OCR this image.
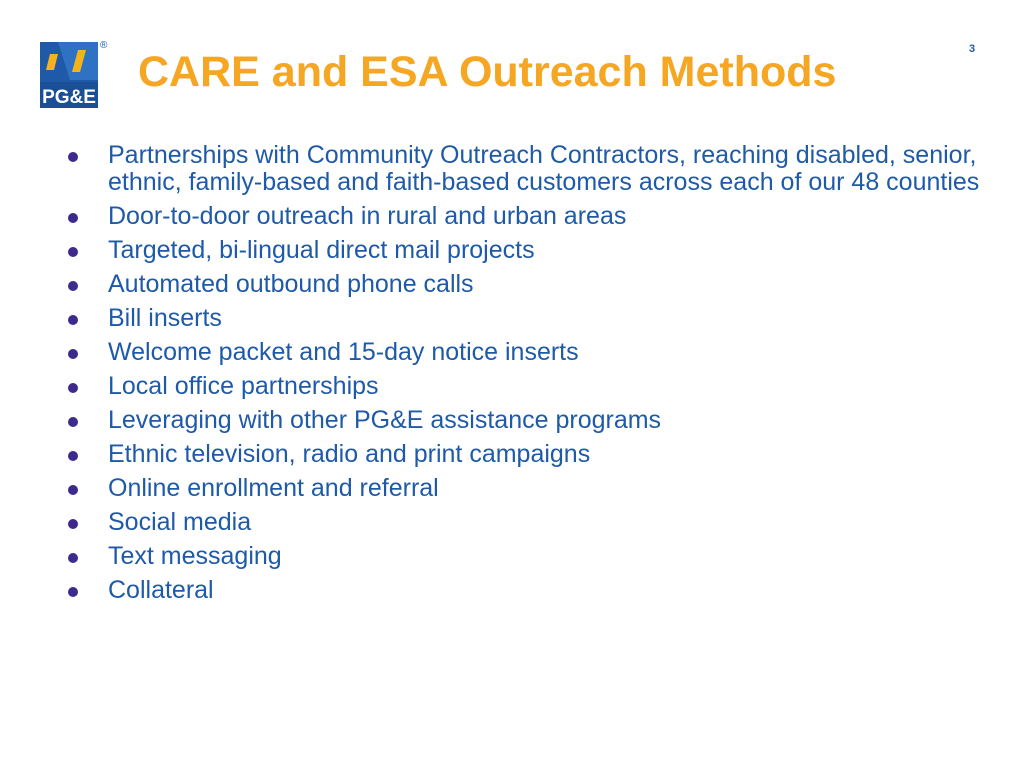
PG&E
®
CARE and ESA Outreach Methods	3
Partnerships with Community Outreach Contractors, reaching disabled, senior, ethnic, family-based and faith-based customers across each of our 48 counties
Door-to-door outreach in rural and urban areas
Targeted, bi-lingual direct mail projects
Automated outbound phone calls
Bill inserts
Welcome packet and 15-day notice inserts
Local office partnerships
Leveraging with other PG&E assistance programs
Ethnic television, radio and print campaigns
Online enrollment and referral
Social media
Text messaging
Collateral
